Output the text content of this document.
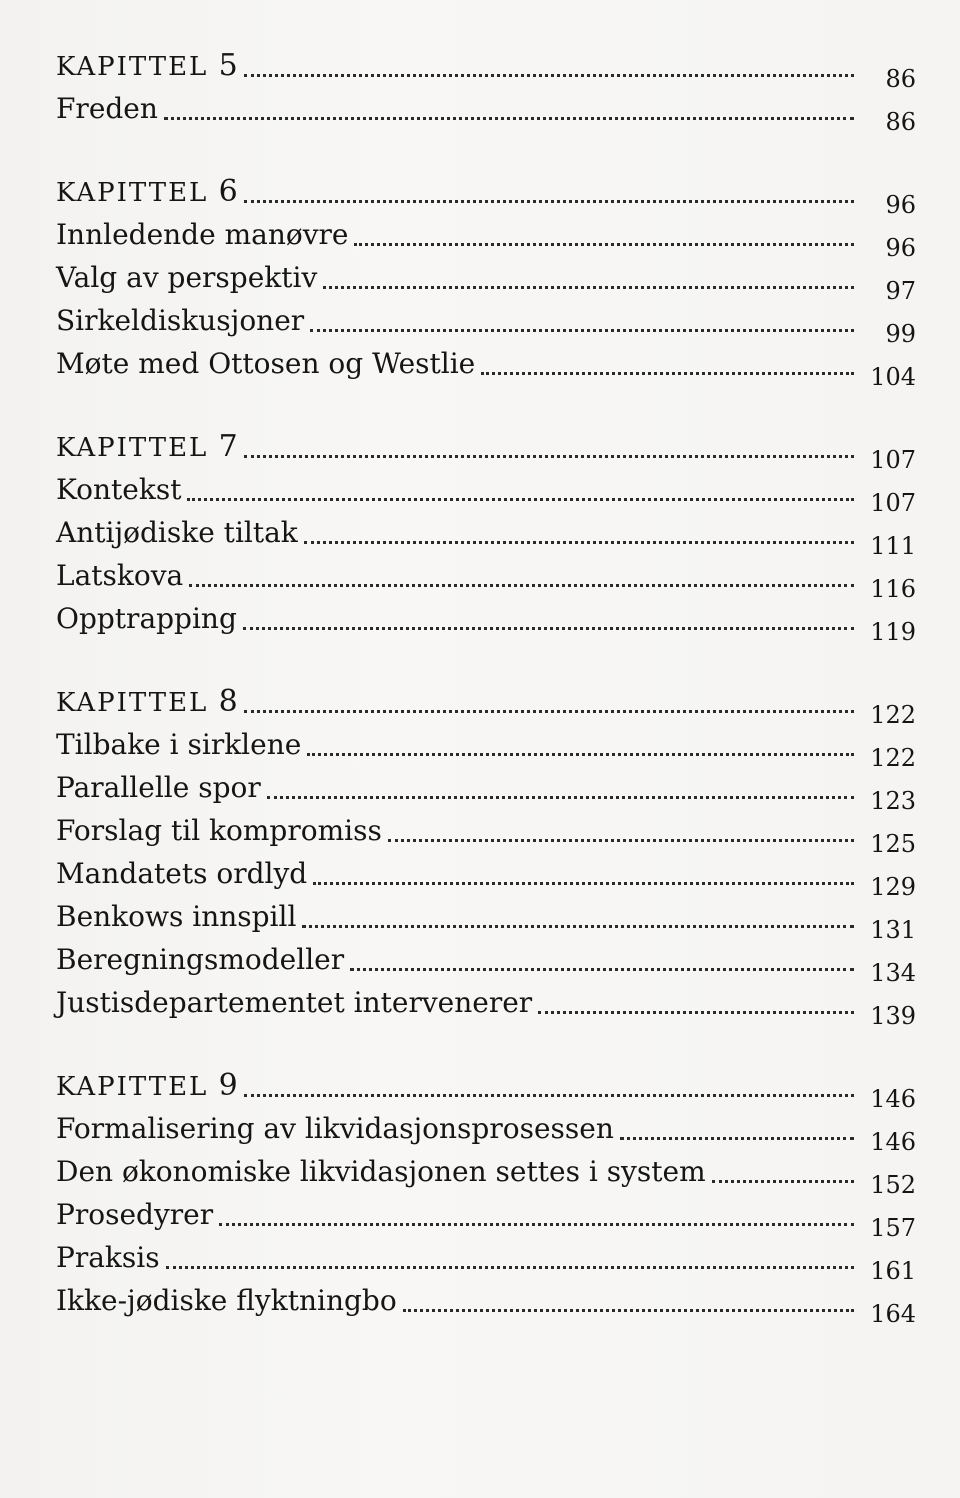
KAPITTEL 5	86
Freden	86
KAPITTEL 6	96
Innledende manøvre	96
Valg av perspektiv	97
Sirkeldiskusjoner	99
Møte med Ottosen og Westlie	104
KAPITTEL 7	107
Kontekst	107
Antijødiske tiltak	111
Latskova	116
Opptrapping	119
KAPITTEL 8	122
Tilbake i sirklene	122
Parallelle spor	123
Forslag til kompromiss	125
Mandatets ordlyd	129
Benkows innspill	131
Beregningsmodeller	134
Justisdepartementet intervenerer	139
KAPITTEL 9	146
Formalisering av likvidasjonsprosessen	146
Den økonomiske likvidasjonen settes i system	152
Prosedyrer	157
Praksis	161
Ikke-jødiske flyktningbo	164
